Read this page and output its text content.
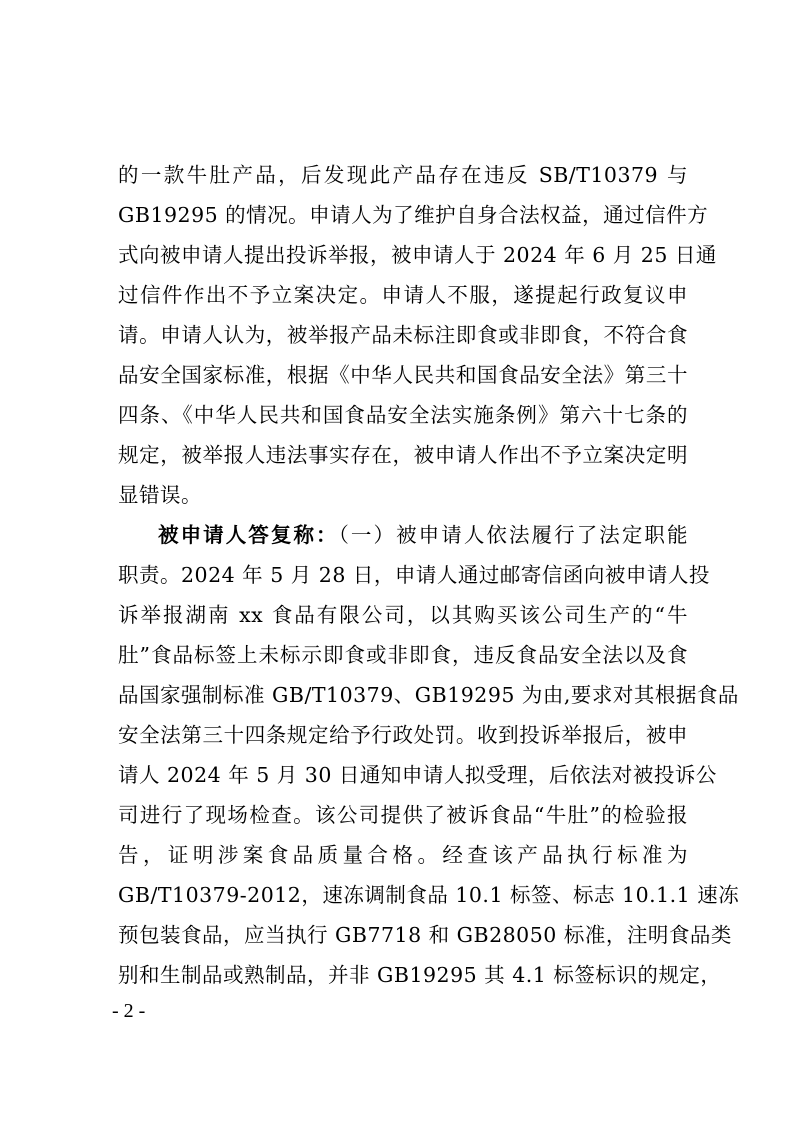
的一款牛肚产品，后发现此产品存在违反 SB/T10379 与
GB19295 的情况。申请人为了维护自身合法权益，通过信件方
式向被申请人提出投诉举报，被申请人于 2024 年 6 月 25 日通
过信件作出不予立案决定。申请人不服，遂提起行政复议申
请。申请人认为，被举报产品未标注即食或非即食，不符合食
品安全国家标准，根据《中华人民共和国食品安全法》第三十
四条、《中华人民共和国食品安全法实施条例》第六十七条的
规定，被举报人违法事实存在，被申请人作出不予立案决定明
显错误。
被申请人答复称：（一）被申请人依法履行了法定职能
职责。2024 年 5 月 28 日，申请人通过邮寄信函向被申请人投
诉举报湖南 xx 食品有限公司，以其购买该公司生产的“牛
肚”食品标签上未标示即食或非即食，违反食品安全法以及食
品国家强制标准 GB/T10379、GB19295 为由,要求对其根据食品
安全法第三十四条规定给予行政处罚。收到投诉举报后，被申
请人 2024 年 5 月 30 日通知申请人拟受理，后依法对被投诉公
司进行了现场检查。该公司提供了被诉食品“牛肚”的检验报
告，证明涉案食品质量合格。经查该产品执行标准为
GB/T10379-2012，速冻调制食品 10.1 标签、标志 10.1.1 速冻
预包装食品，应当执行 GB7718 和 GB28050 标准，注明食品类
别和生制品或熟制品，并非 GB19295 其 4.1 标签标识的规定，
- 2 -
